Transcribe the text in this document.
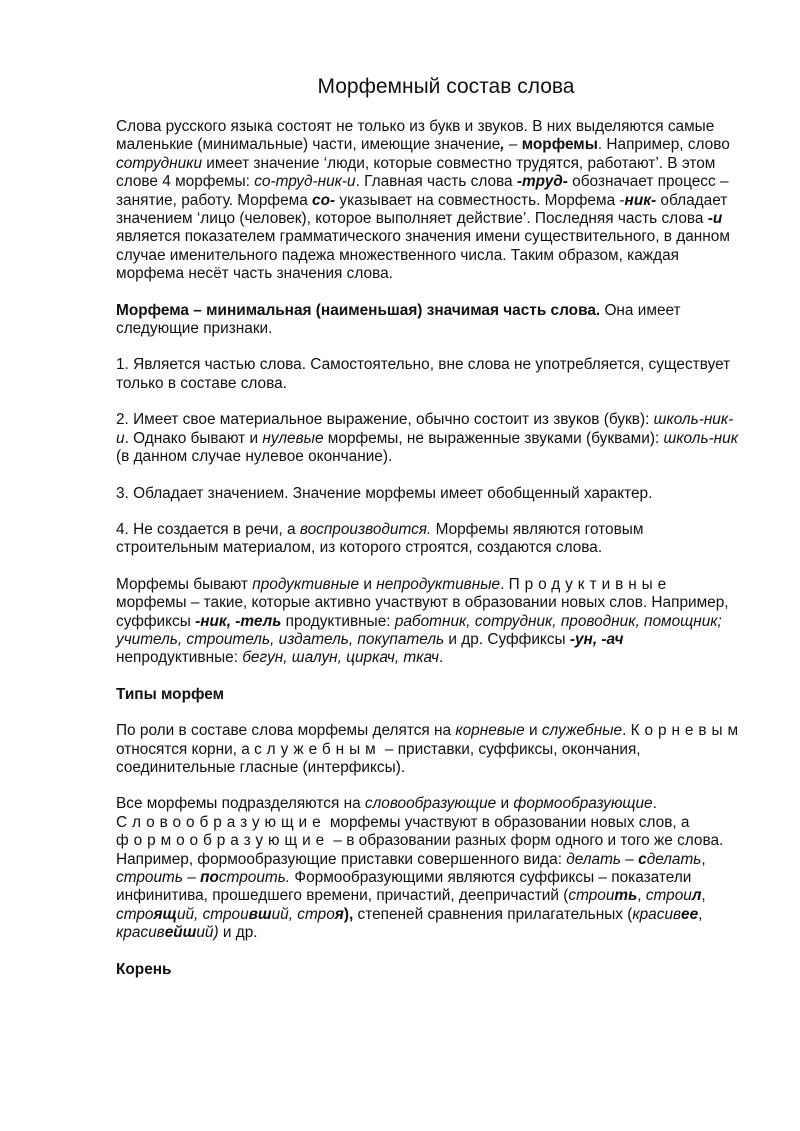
Морфемный состав слова
Слова русского языка состоят не только из букв и звуков. В них выделяются самые маленькие (минимальные) части, имеющие значение, – морфемы. Например, слово сотрудники имеет значение ‘люди, которые совместно трудятся, работают’. В этом слове 4 морфемы: со-труд-ник-и. Главная часть слова -труд- обозначает процесс – занятие, работу. Морфема со- указывает на совместность. Морфема -ник- обладает значением ‘лицо (человек), которое выполняет действие’. Последняя часть слова -и является показателем грамматического значения имени существительного, в данном случае именительного падежа множественного числа. Таким образом, каждая морфема несёт часть значения слова.
Морфема – минимальная (наименьшая) значимая часть слова. Она имеет следующие признаки.
1. Является частью слова. Самостоятельно, вне слова не употребляется, существует только в составе слова.
2. Имеет свое материальное выражение, обычно состоит из звуков (букв): школь-ник-и. Однако бывают и нулевые морфемы, не выраженные звуками (буквами): школь-ник (в данном случае нулевое окончание).
3. Обладает значением. Значение морфемы имеет обобщенный характер.
4. Не создается в речи, а воспроизводится. Морфемы являются готовым строительным материалом, из которого строятся, создаются слова.
Морфемы бывают продуктивные и непродуктивные. Продуктивные морфемы – такие, которые активно участвуют в образовании новых слов. Например, суффиксы -ник, -тель продуктивные: работник, сотрудник, проводник, помощник; учитель, строитель, издатель, покупатель и др. Суффиксы -ун, -ач непродуктивные: бегун, шалун, циркач, ткач.
Типы морфем
По роли в составе слова морфемы делятся на корневые и служебные. Корневым относятся корни, а служебным – приставки, суффиксы, окончания, соединительные гласные (интерфиксы).
Все морфемы подразделяются на словообразующие и формообразующие. Словообразующие морфемы участвуют в образовании новых слов, а формообразующие – в образовании разных форм одного и того же слова. Например, формообразующие приставки совершенного вида: делать – сделать, строить – построить. Формообразующими являются суффиксы – показатели инфинитива, прошедшего времени, причастий, деепричастий (строить, строил, строящий, строивший, строя), степеней сравнения прилагательных (красивее, красивейший) и др.
Корень
